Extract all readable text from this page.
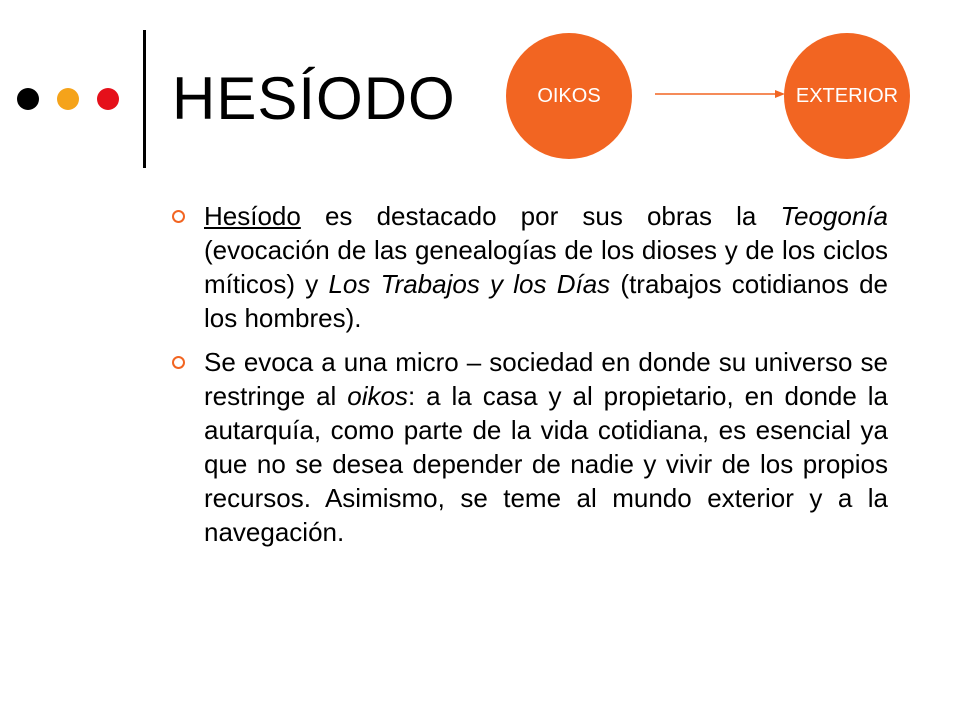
HESÍODO	OIKOS	EXTERIOR
Hesíodo es destacado por sus obras la Teogonía (evocación de las genealogías de los dioses y de los ciclos míticos) y Los Trabajos y los Días (trabajos cotidianos de los hombres).
Se evoca a una micro – sociedad en donde su universo se restringe al oikos: a la casa y al propietario, en donde la autarquía, como parte de la vida cotidiana, es esencial ya que no se desea depender de nadie y vivir de los propios recursos. Asimismo, se teme al mundo exterior y a la navegación.
